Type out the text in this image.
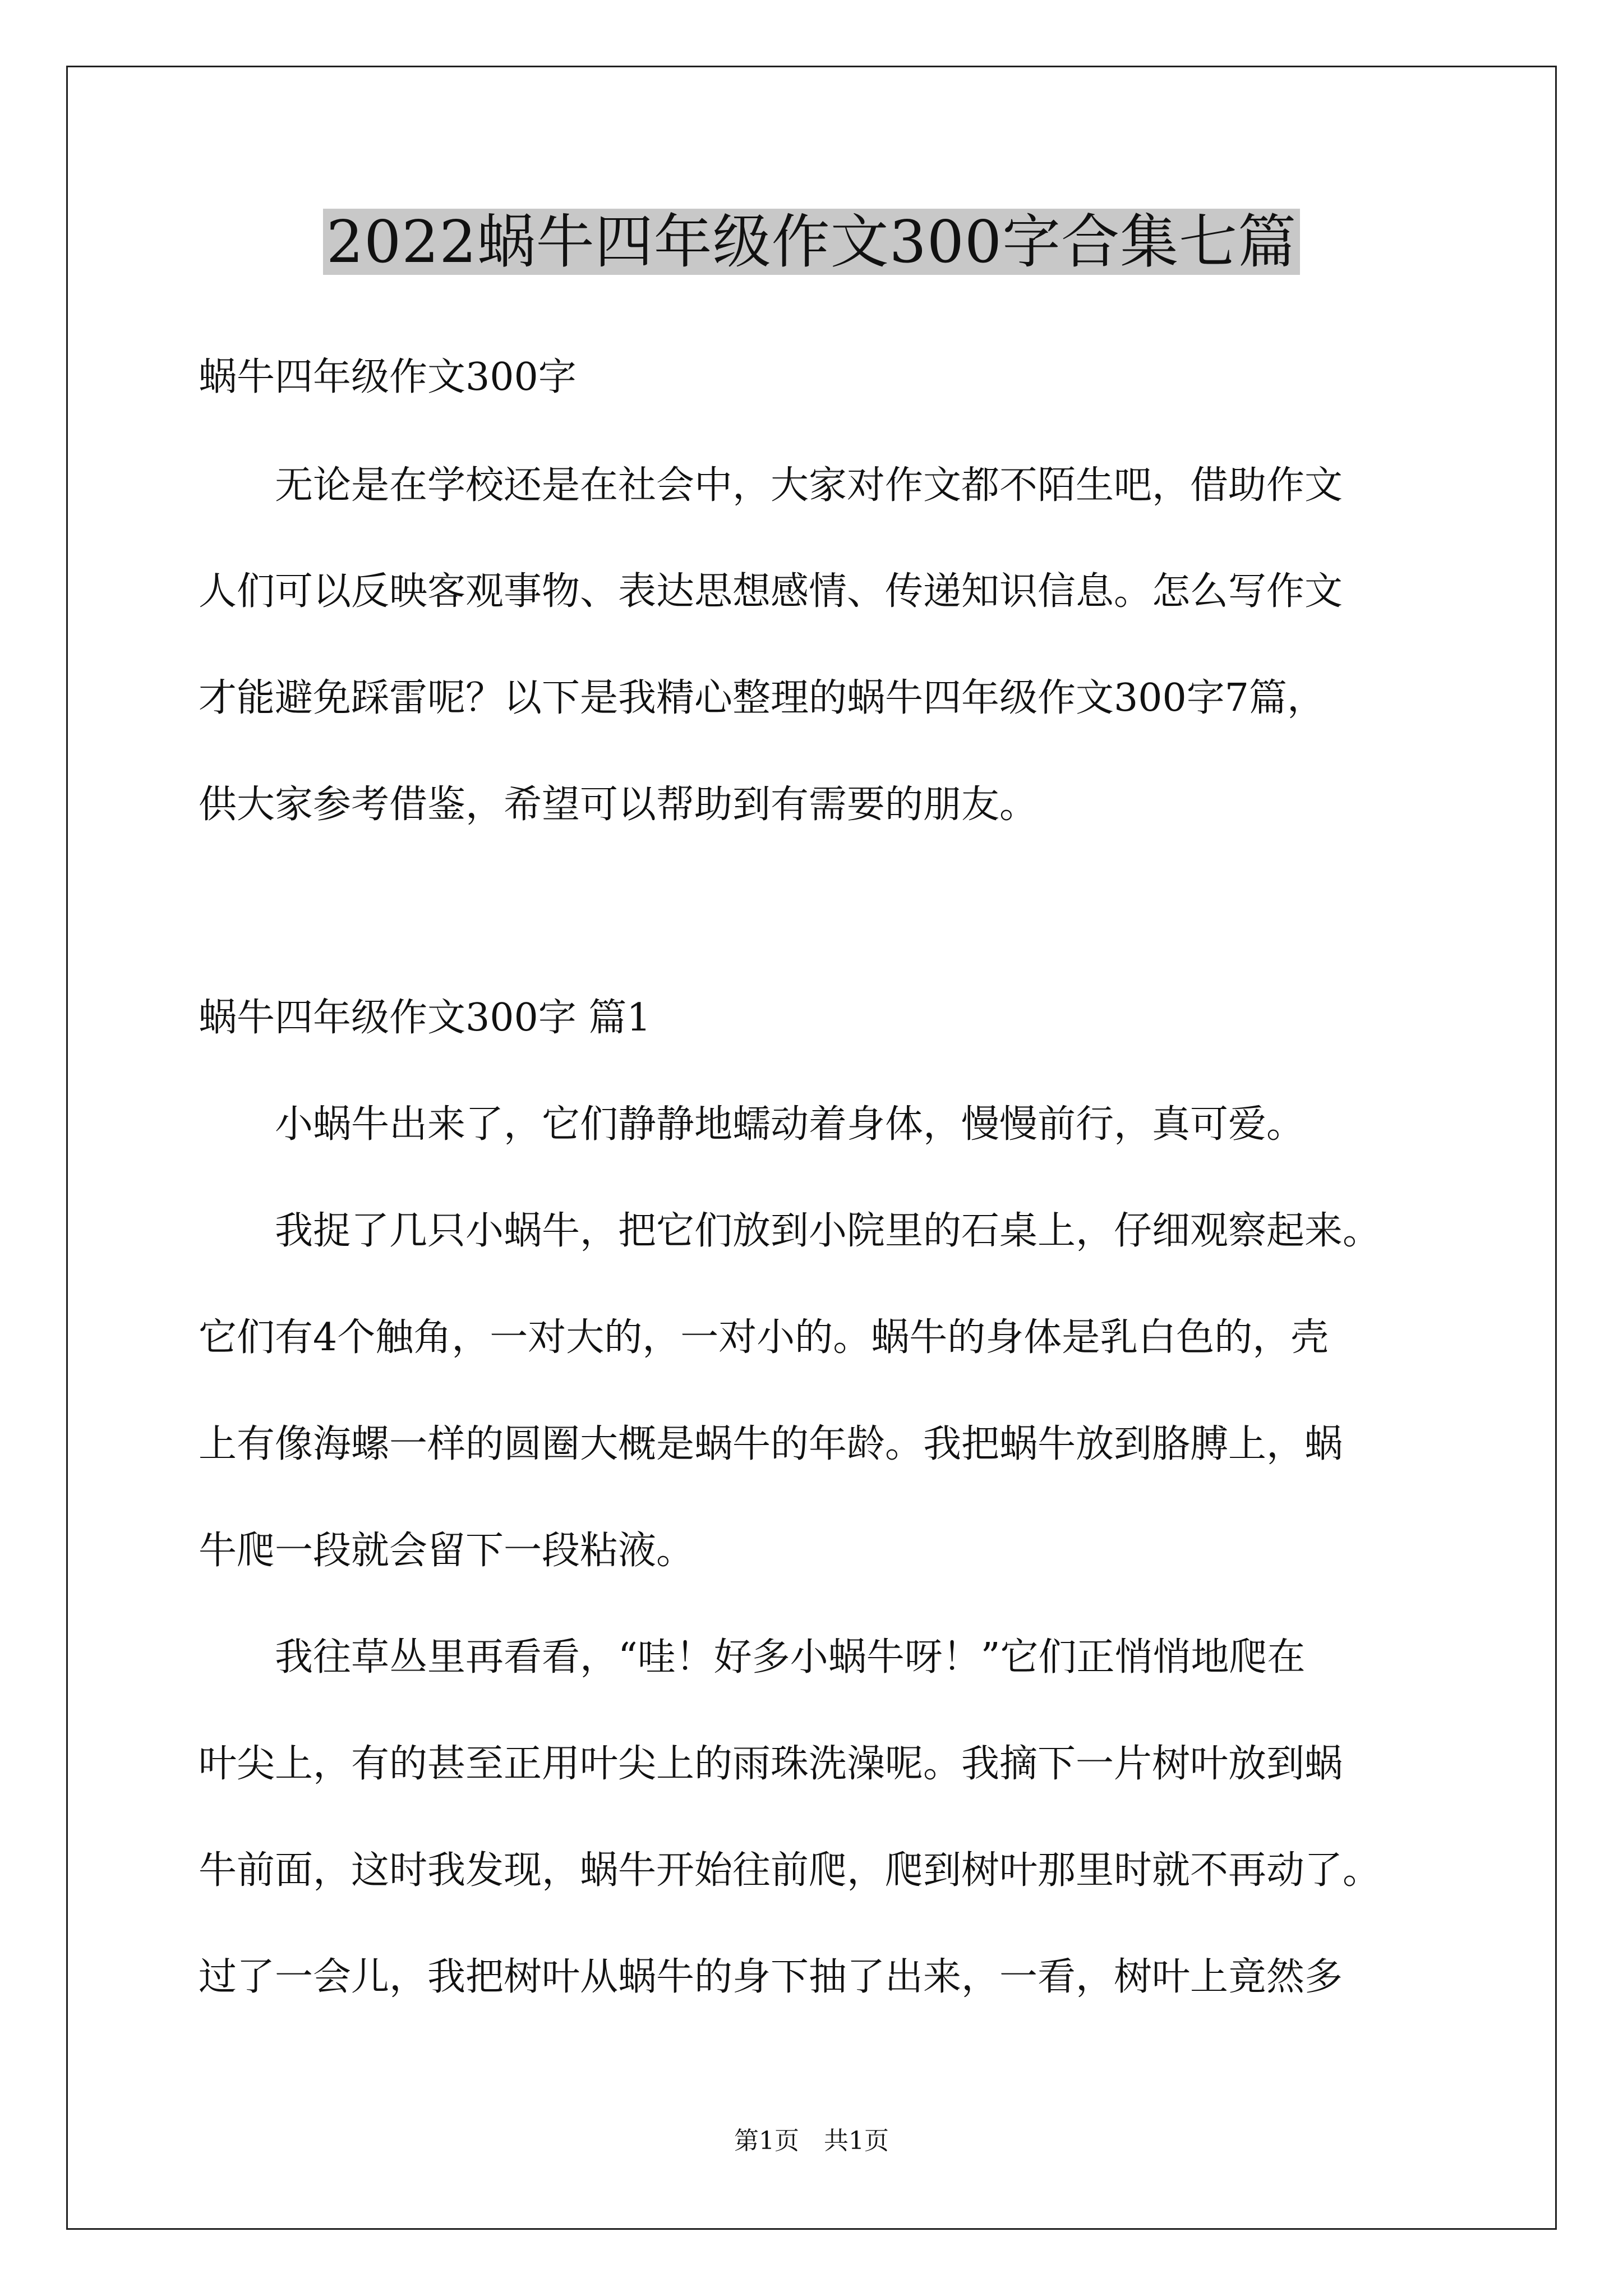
2022蜗牛四年级作文300字合集七篇
蜗牛四年级作文300字
　　无论是在学校还是在社会中，大家对作文都不陌生吧，借助作文
人们可以反映客观事物、表达思想感情、传递知识信息。怎么写作文
才能避免踩雷呢？以下是我精心整理的蜗牛四年级作文300字7篇，
供大家参考借鉴，希望可以帮助到有需要的朋友。
蜗牛四年级作文300字 篇1
　　小蜗牛出来了，它们静静地蠕动着身体，慢慢前行，真可爱。
　　我捉了几只小蜗牛，把它们放到小院里的石桌上，仔细观察起来。
它们有4个触角，一对大的，一对小的。蜗牛的身体是乳白色的，壳
上有像海螺一样的圆圈大概是蜗牛的年龄。我把蜗牛放到胳膊上，蜗
牛爬一段就会留下一段粘液。
　　我往草丛里再看看，“哇！好多小蜗牛呀！”它们正悄悄地爬在
叶尖上，有的甚至正用叶尖上的雨珠洗澡呢。我摘下一片树叶放到蜗
牛前面，这时我发现，蜗牛开始往前爬，爬到树叶那里时就不再动了。
过了一会儿，我把树叶从蜗牛的身下抽了出来，一看，树叶上竟然多
第1页　共1页
